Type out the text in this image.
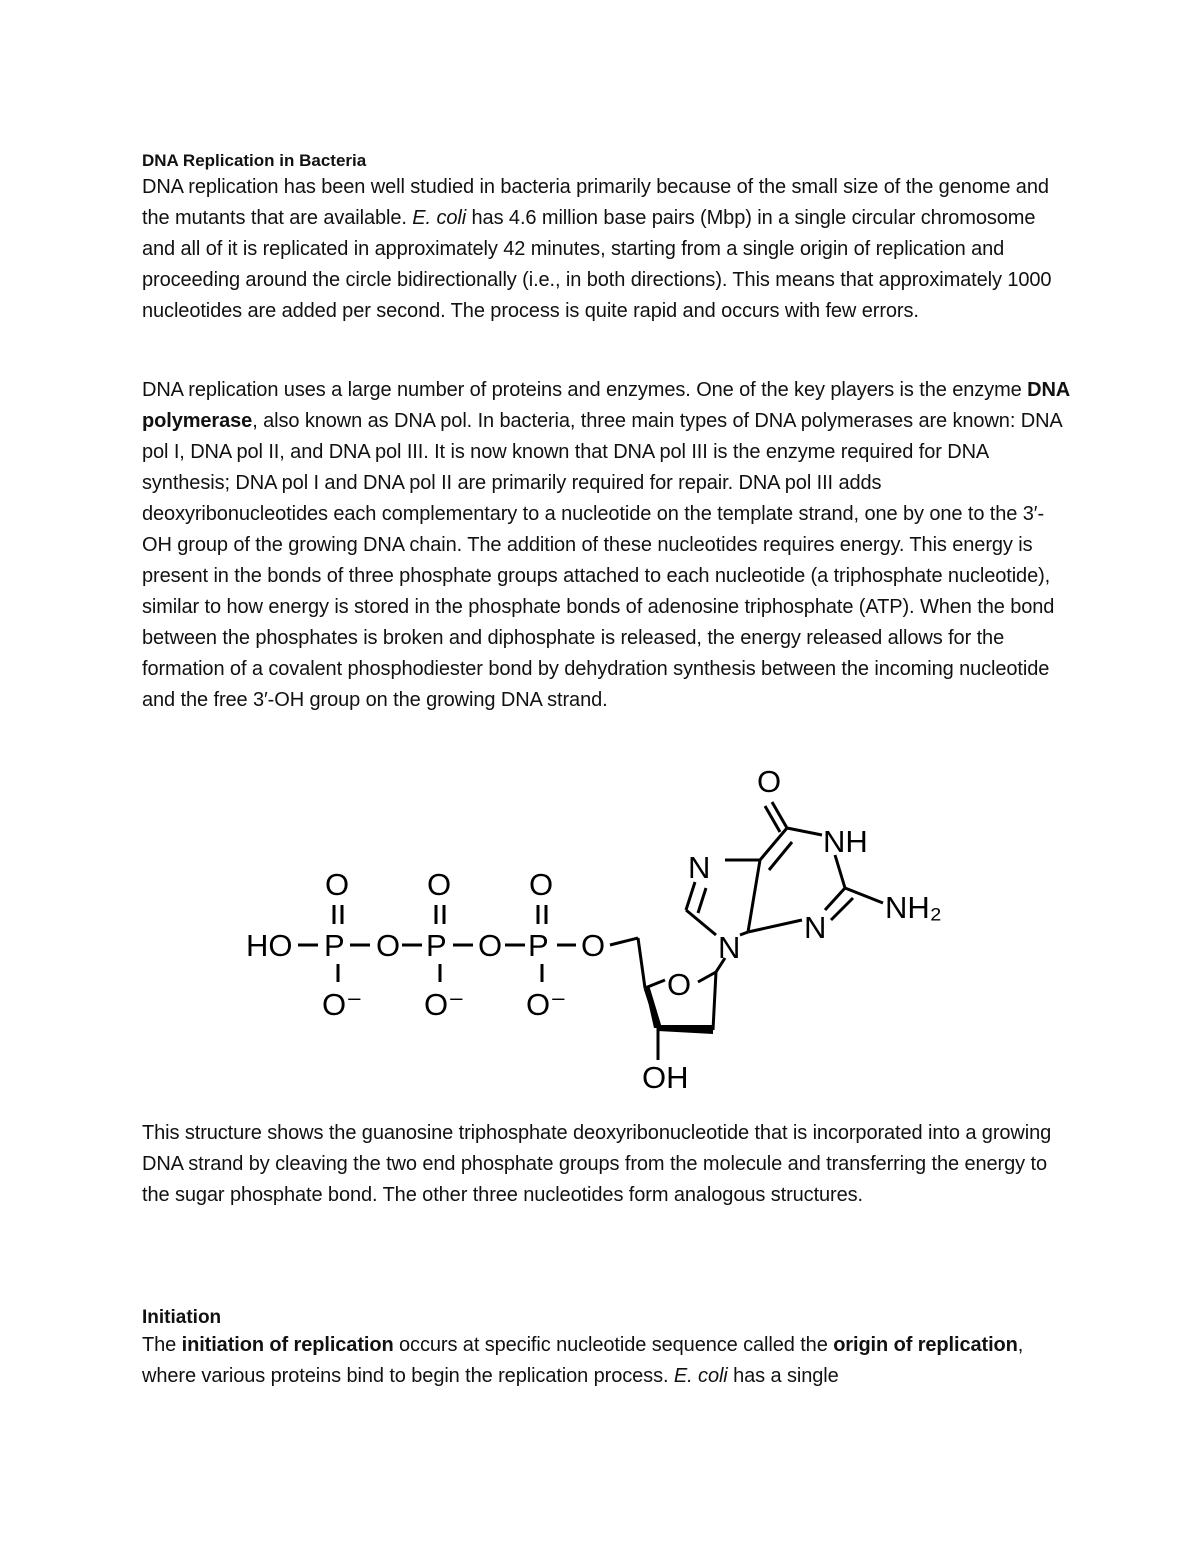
DNA Replication in Bacteria

DNA replication has been well studied in bacteria primarily because of the small size of the genome and the mutants that are available. E. coli has 4.6 million base pairs (Mbp) in a single circular chromosome and all of it is replicated in approximately 42 minutes, starting from a single origin of replication and proceeding around the circle bidirectionally (i.e., in both directions). This means that approximately 1000 nucleotides are added per second. The process is quite rapid and occurs with few errors.

DNA replication uses a large number of proteins and enzymes. One of the key players is the enzyme DNA polymerase, also known as DNA pol. In bacteria, three main types of DNA polymerases are known: DNA pol I, DNA pol II, and DNA pol III. It is now known that DNA pol III is the enzyme required for DNA synthesis; DNA pol I and DNA pol II are primarily required for repair. DNA pol III adds deoxyribonucleotides each complementary to a nucleotide on the template strand, one by one to the 3′-OH group of the growing DNA chain. The addition of these nucleotides requires energy. This energy is present in the bonds of three phosphate groups attached to each nucleotide (a triphosphate nucleotide), similar to how energy is stored in the phosphate bonds of adenosine triphosphate (ATP). When the bond between the phosphates is broken and diphosphate is released, the energy released allows for the formation of a covalent phosphodiester bond by dehydration synthesis between the incoming nucleotide and the free 3′-OH group on the growing DNA strand.

HO P O P O P O
O	O	O
O⁻ O⁻ O⁻
O
N
N
N
NH
NH₂
O
OH

This structure shows the guanosine triphosphate deoxyribonucleotide that is incorporated into a growing DNA strand by cleaving the two end phosphate groups from the molecule and transferring the energy to the sugar phosphate bond. The other three nucleotides form analogous structures.

Initiation

The initiation of replication occurs at specific nucleotide sequence called the origin of replication, where various proteins bind to begin the replication process. E. coli has a single
